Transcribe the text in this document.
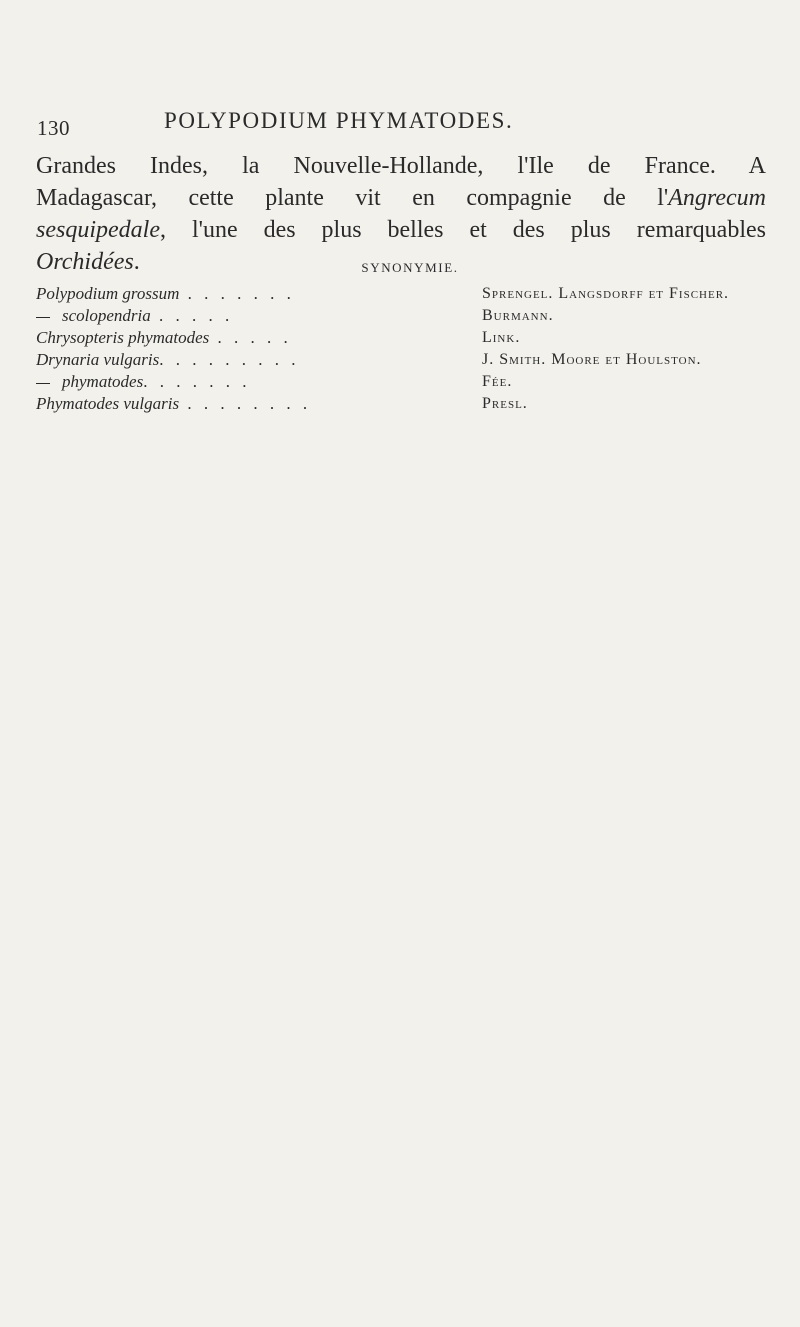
130	POLYPODIUM PHYMATODES.
Grandes Indes, la Nouvelle-Hollande, l'Ile de France. A
Madagascar, cette plante vit en compagnie de l'Angrecum
sesquipedale, l'une des plus belles et des plus remarquables
Orchidées.	SYNONYMIE.
Polypodium grossum . . . . . . .	Sprengel. Langsdorff et Fischer.
scolopendria . . . . .	Burmann.
Chrysopteris phymatodes . . . . .	Link.
Drynaria vulgaris. . . . . . . . .	J. Smith. Moore et Houlston.
phymatodes. . . . . . .	Fée.
Phymatodes vulgaris . . . . . . . .	Presl.
